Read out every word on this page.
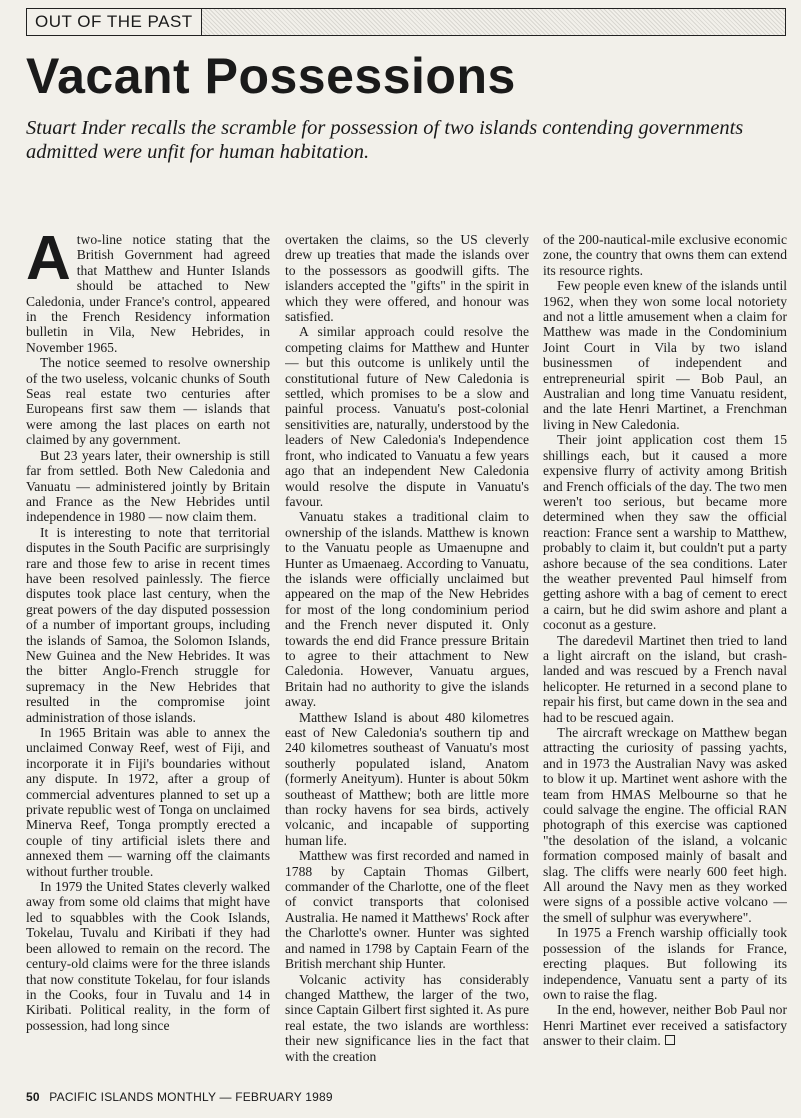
OUT OF THE PAST
Vacant Possessions

Stuart Inder recalls the scramble for possession of two islands contending governments admitted were unfit for human habitation.

A two-line notice stating that the British Government had agreed that Matthew and Hunter Islands should be attached to New Caledonia, under France's control, appeared in the French Residency information bulletin in Vila, New Hebrides, in November 1965.

The notice seemed to resolve ownership of the two useless, volcanic chunks of South Seas real estate two centuries after Europeans first saw them — islands that were among the last places on earth not claimed by any government.

But 23 years later, their ownership is still far from settled. Both New Caledonia and Vanuatu — administered jointly by Britain and France as the New Hebrides until independence in 1980 — now claim them.

It is interesting to note that territorial disputes in the South Pacific are surprisingly rare and those few to arise in recent times have been resolved painlessly. The fierce disputes took place last century, when the great powers of the day disputed possession of a number of important groups, including the islands of Samoa, the Solomon Islands, New Guinea and the New Hebrides. It was the bitter Anglo-French struggle for supremacy in the New Hebrides that resulted in the compromise joint administration of those islands.

In 1965 Britain was able to annex the unclaimed Conway Reef, west of Fiji, and incorporate it in Fiji's boundaries without any dispute. In 1972, after a group of commercial adventures planned to set up a private republic west of Tonga on unclaimed Minerva Reef, Tonga promptly erected a couple of tiny artificial islets there and annexed them — warning off the claimants without further trouble.

In 1979 the United States cleverly walked away from some old claims that might have led to squabbles with the Cook Islands, Tokelau, Tuvalu and Kiribati if they had been allowed to remain on the record. The century-old claims were for the three islands that now constitute Tokelau, for four islands in the Cooks, four in Tuvalu and 14 in Kiribati. Political reality, in the form of possession, had long since

overtaken the claims, so the US cleverly drew up treaties that made the islands over to the possessors as goodwill gifts. The islanders accepted the "gifts" in the spirit in which they were offered, and honour was satisfied.

A similar approach could resolve the competing claims for Matthew and Hunter — but this outcome is unlikely until the constitutional future of New Caledonia is settled, which promises to be a slow and painful process. Vanuatu's post-colonial sensitivities are, naturally, understood by the leaders of New Caledonia's Independence front, who indicated to Vanuatu a few years ago that an independent New Caledonia would resolve the dispute in Vanuatu's favour.

Vanuatu stakes a traditional claim to ownership of the islands. Matthew is known to the Vanuatu people as Umaenupne and Hunter as Umaenaeg. According to Vanuatu, the islands were officially unclaimed but appeared on the map of the New Hebrides for most of the long condominium period and the French never disputed it. Only towards the end did France pressure Britain to agree to their attachment to New Caledonia. However, Vanuatu argues, Britain had no authority to give the islands away.

Matthew Island is about 480 kilometres east of New Caledonia's southern tip and 240 kilometres southeast of Vanuatu's most southerly populated island, Anatom (formerly Aneityum). Hunter is about 50km southeast of Matthew; both are little more than rocky havens for sea birds, actively volcanic, and incapable of supporting human life.

Matthew was first recorded and named in 1788 by Captain Thomas Gilbert, commander of the Charlotte, one of the fleet of convict transports that colonised Australia. He named it Matthews' Rock after the Charlotte's owner. Hunter was sighted and named in 1798 by Captain Fearn of the British merchant ship Hunter.

Volcanic activity has considerably changed Matthew, the larger of the two, since Captain Gilbert first sighted it. As pure real estate, the two islands are worthless: their new significance lies in the fact that with the creation

of the 200-nautical-mile exclusive economic zone, the country that owns them can extend its resource rights.

Few people even knew of the islands until 1962, when they won some local notoriety and not a little amusement when a claim for Matthew was made in the Condominium Joint Court in Vila by two island businessmen of independent and entrepreneurial spirit — Bob Paul, an Australian and long time Vanuatu resident, and the late Henri Martinet, a Frenchman living in New Caledonia.

Their joint application cost them 15 shillings each, but it caused a more expensive flurry of activity among British and French officials of the day. The two men weren't too serious, but became more determined when they saw the official reaction: France sent a warship to Matthew, probably to claim it, but couldn't put a party ashore because of the sea conditions. Later the weather prevented Paul himself from getting ashore with a bag of cement to erect a cairn, but he did swim ashore and plant a coconut as a gesture.

The daredevil Martinet then tried to land a light aircraft on the island, but crash-landed and was rescued by a French naval helicopter. He returned in a second plane to repair his first, but came down in the sea and had to be rescued again.

The aircraft wreckage on Matthew began attracting the curiosity of passing yachts, and in 1973 the Australian Navy was asked to blow it up. Martinet went ashore with the team from HMAS Melbourne so that he could salvage the engine. The official RAN photograph of this exercise was captioned "the desolation of the island, a volcanic formation composed mainly of basalt and slag. The cliffs were nearly 600 feet high. All around the Navy men as they worked were signs of a possible active volcano — the smell of sulphur was everywhere".

In 1975 a French warship officially took possession of the islands for France, erecting plaques. But following its independence, Vanuatu sent a party of its own to raise the flag.

In the end, however, neither Bob Paul nor Henri Martinet ever received a satisfactory answer to their claim.

50 PACIFIC ISLANDS MONTHLY — FEBRUARY 1989
